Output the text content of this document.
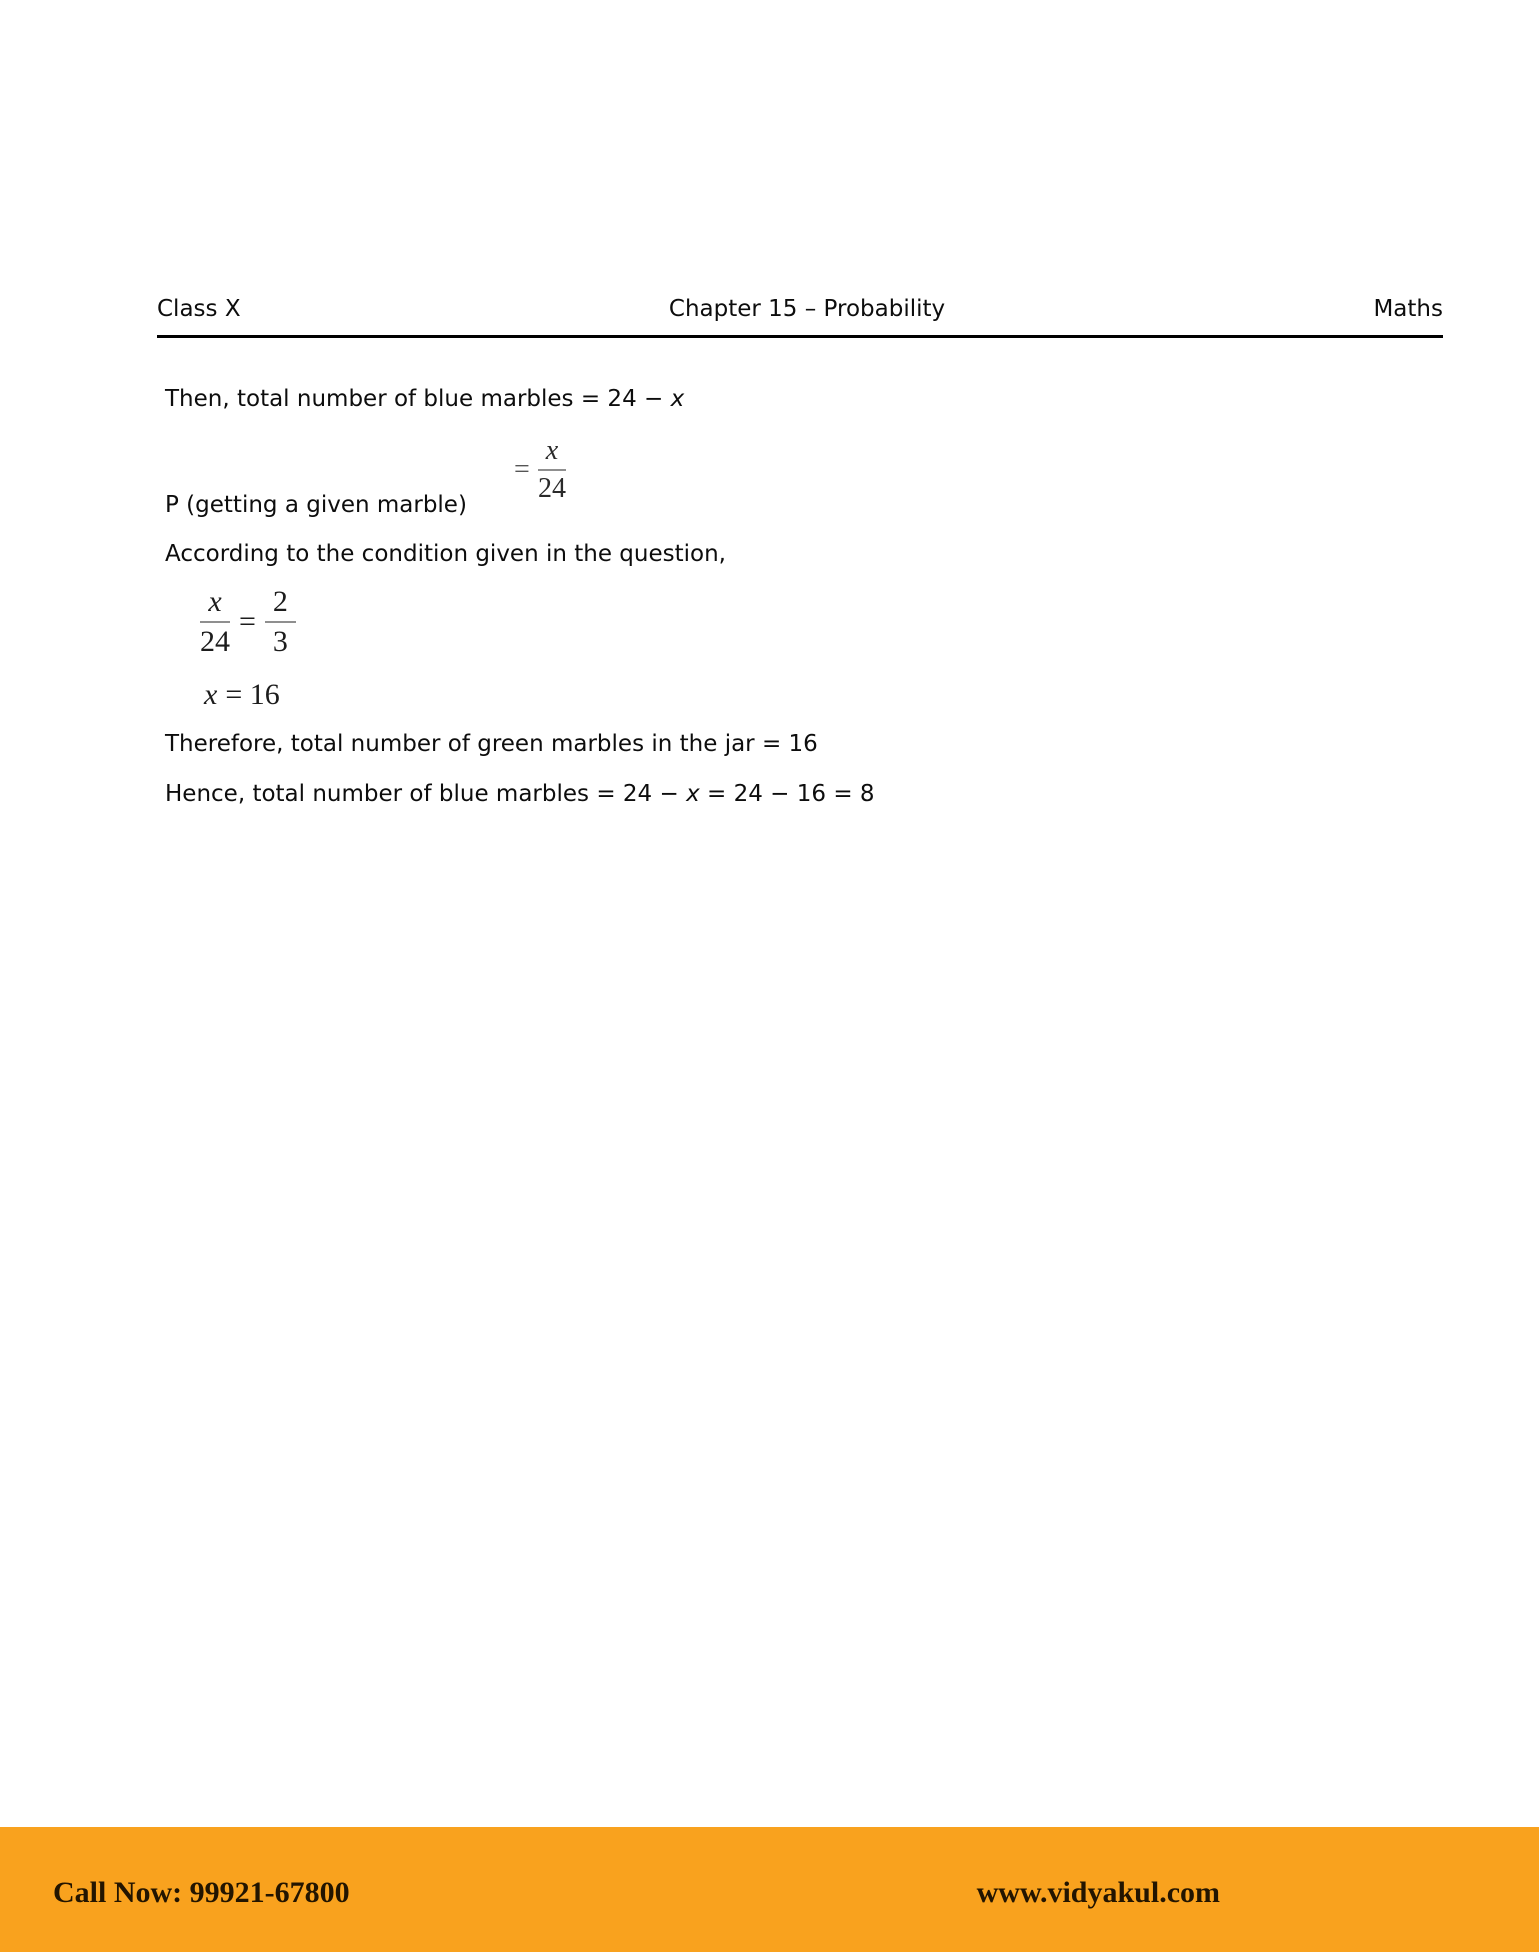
Class X	Chapter 15 – Probability	Maths
Then, total number of blue marbles = 24 − x
P (getting a given marble)
= $\frac{x}{24}$
According to the condition given in the question,
$\frac{x}{24} = \frac{2}{3}$
x = 16
Therefore, total number of green marbles in the jar = 16
Hence, total number of blue marbles = 24 − x = 24 − 16 = 8
Call Now: 99921-67800	www.vidyakul.com
